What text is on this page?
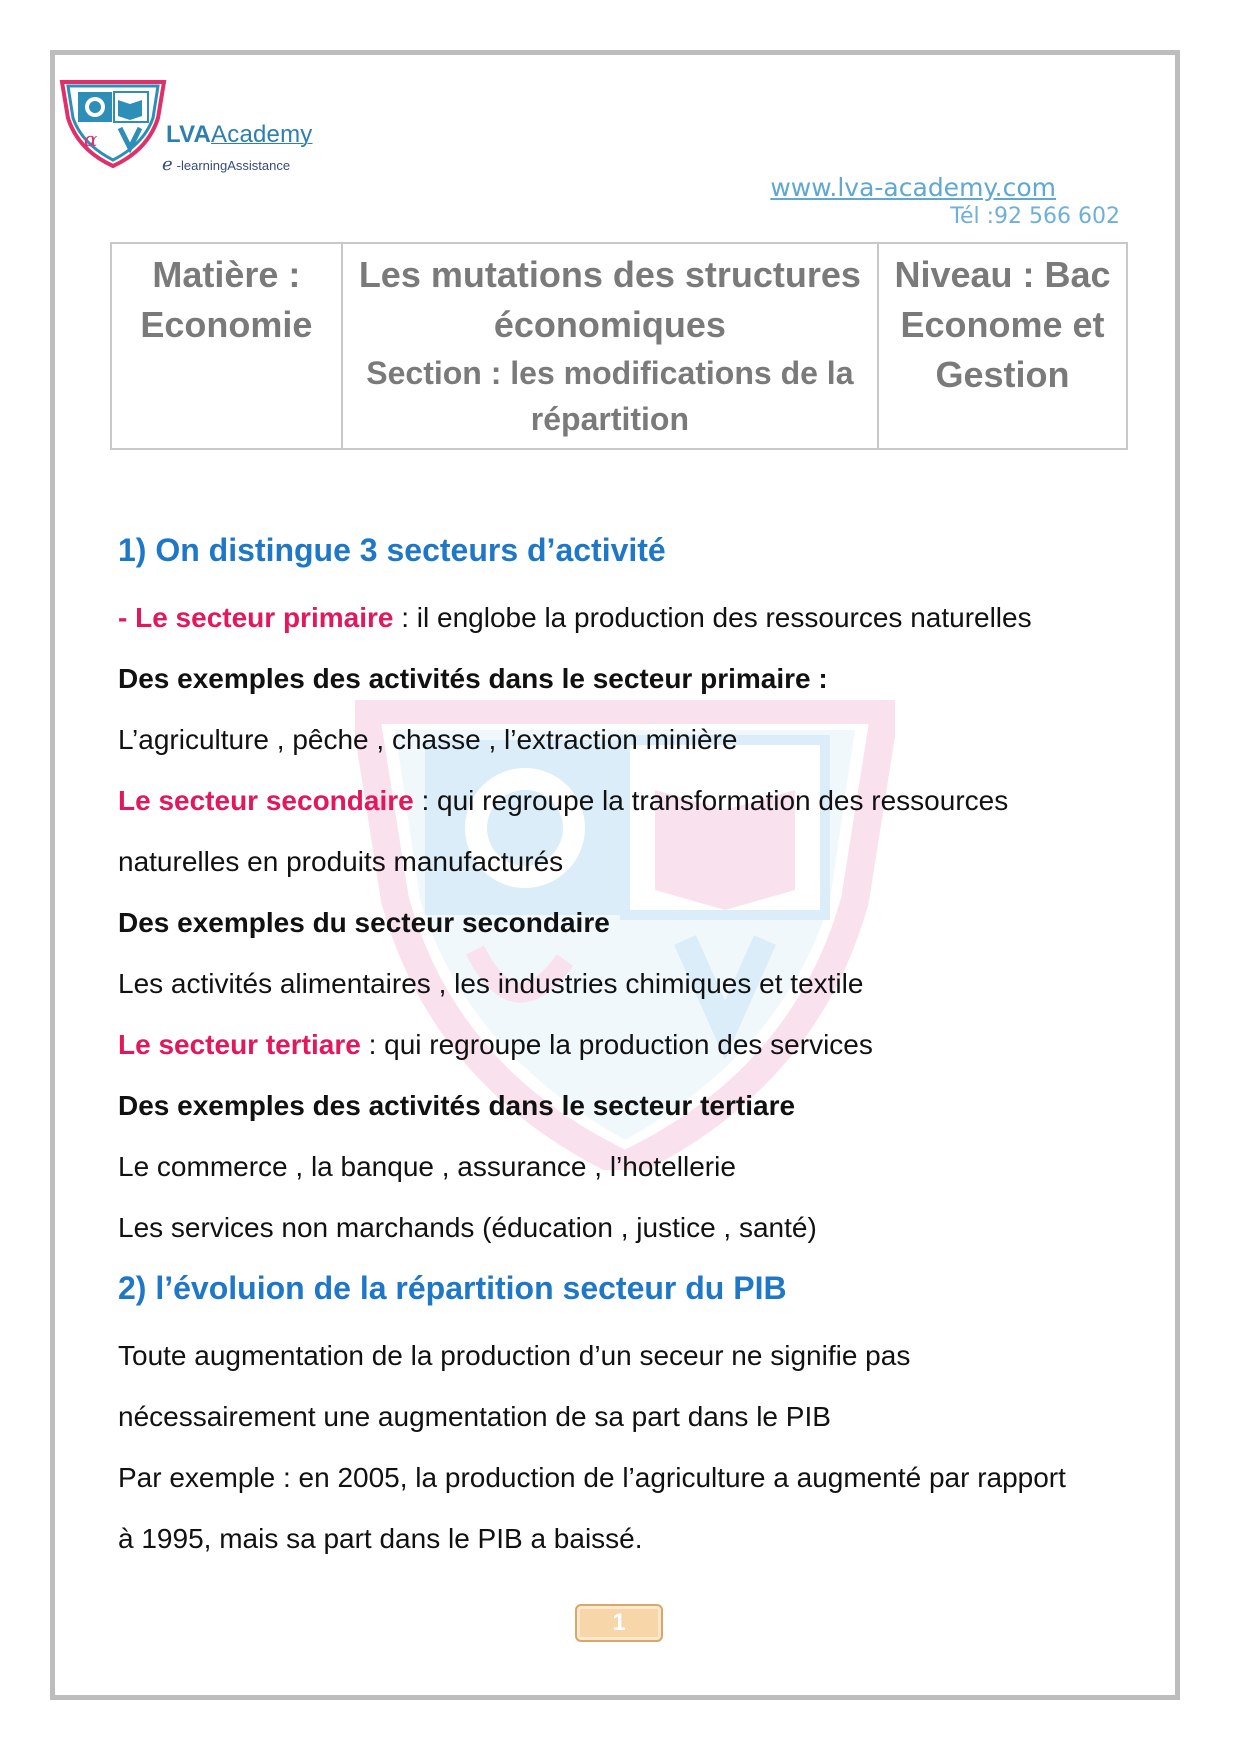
α	LVAAcademy
e -learningAssistance
www.lva-academy.com
Tél :92 566 602
Matière :
Economie

Les mutations des structures
économiques
Section : les modifications de la
répartition

Niveau : Bac
Econome et
Gestion
1) On distingue 3 secteurs d’activité
- Le secteur primaire : il englobe la production des ressources naturelles
Des exemples des activités dans le secteur primaire :
L’agriculture , pêche , chasse , l’extraction minière
Le secteur secondaire : qui regroupe la transformation des ressources
naturelles en produits manufacturés
Des exemples du secteur secondaire
Les activités alimentaires , les industries chimiques et textile
Le secteur tertiare : qui regroupe la production des services
Des exemples des activités dans le secteur tertiare
Le commerce , la banque , assurance , l’hotellerie
Les services non marchands (éducation , justice , santé)
2) l’évoluion de la répartition secteur du PIB
Toute augmentation de la production d’un seceur ne signifie pas
nécessairement une augmentation de sa part dans le PIB
Par exemple : en 2005, la production de l’agriculture a augmenté par rapport
à 1995, mais sa part dans le PIB a baissé.
1
